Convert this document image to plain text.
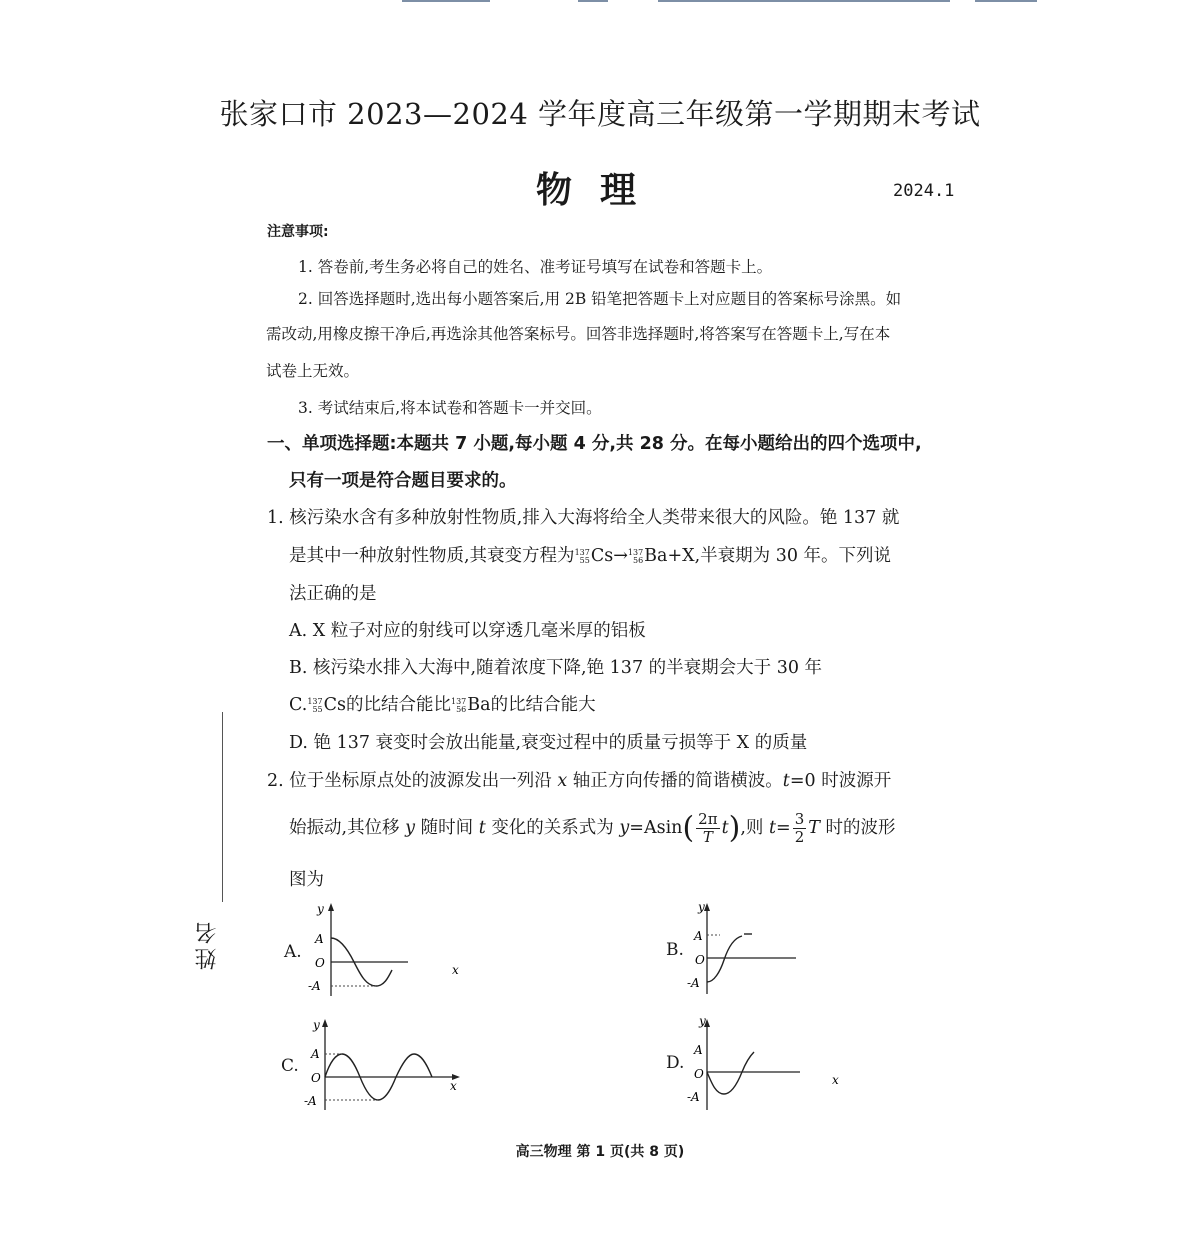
张家口市 2023—2024 学年度高三年级第一学期期末考试
物理	2024.1
注意事项:
1. 答卷前,考生务必将自己的姓名、准考证号填写在试卷和答题卡上。
2. 回答选择题时,选出每小题答案后,用 2B 铅笔把答题卡上对应题目的答案标号涂黑。如
需改动,用橡皮擦干净后,再选涂其他答案标号。回答非选择题时,将答案写在答题卡上,写在本
试卷上无效。
3. 考试结束后,将本试卷和答题卡一并交回。
一、单项选择题:本题共 7 小题,每小题 4 分,共 28 分。在每小题给出的四个选项中,
只有一项是符合题目要求的。
1. 核污染水含有多种放射性物质,排入大海将给全人类带来很大的风险。铯 137 就
是其中一种放射性物质,其衰变方程为 137
55 Cs→ 137
56 Ba+X,半衰期为 30 年。下列说
法正确的是
A. X 粒子对应的射线可以穿透几毫米厚的铝板
B. 核污染水排入大海中,随着浓度下降,铯 137 的半衰期会大于 30 年
C. 137
55 Cs的比结合能比 137
56 Ba的比结合能大
D. 铯 137 衰变时会放出能量,衰变过程中的质量亏损等于 X 的质量
2. 位于坐标原点处的波源发出一列沿 x 轴正方向传播的简谐横波。t=0 时波源开
始振动,其位移 y 随时间 t 变化的关系式为 $y=Asin( \frac{2\pi}{T} t)$,则 $t= \frac{3}{2}$ T 时的波形
图为
A.
y
A
O
-A
x
B.
y
A
O
-A
C.
y
A
O
-A
x
D.
y
A
O
-A
x
姓名
高三物理 第 1 页(共 8 页)
